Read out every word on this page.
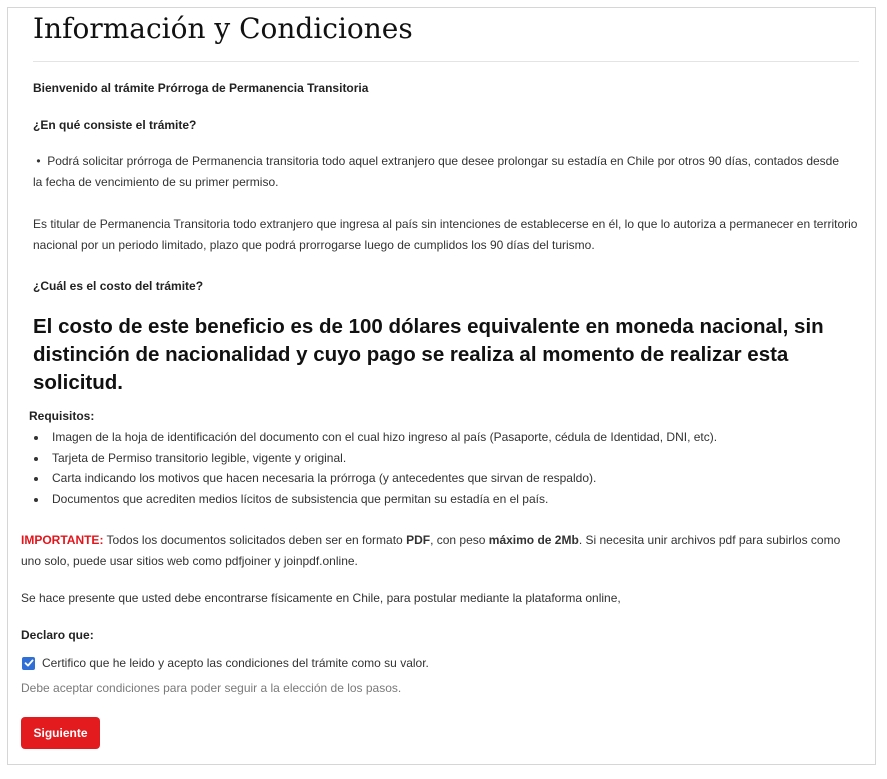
Información y Condiciones
Bienvenido al trámite Prórroga de Permanencia Transitoria
¿En qué consiste el trámite?
•  Podrá solicitar prórroga de Permanencia transitoria todo aquel extranjero que desee prolongar su estadía en Chile por otros 90 días, contados desde la fecha de vencimiento de su primer permiso.
Es titular de Permanencia Transitoria todo extranjero que ingresa al país sin intenciones de establecerse en él, lo que lo autoriza a permanecer en territorio nacional por un periodo limitado, plazo que podrá prorrogarse luego de cumplidos los 90 días del turismo.
¿Cuál es el costo del trámite?
El costo de este beneficio es de 100 dólares equivalente en moneda nacional, sin distinción de nacionalidad y cuyo pago se realiza al momento de realizar esta solicitud.
Requisitos:
• Imagen de la hoja de identificación del documento con el cual hizo ingreso al país (Pasaporte, cédula de Identidad, DNI, etc).
• Tarjeta de Permiso transitorio legible, vigente y original.
• Carta indicando los motivos que hacen necesaria la prórroga (y antecedentes que sirvan de respaldo).
• Documentos que acrediten medios lícitos de subsistencia que permitan su estadía en el país.
IMPORTANTE: Todos los documentos solicitados deben ser en formato PDF, con peso máximo de 2Mb. Si necesita unir archivos pdf para subirlos como uno solo, puede usar sitios web como pdfjoiner y joinpdf.online.
Se hace presente que usted debe encontrarse físicamente en Chile, para postular mediante la plataforma online,
Declaro que:
Certifico que he leido y acepto las condiciones del trámite como su valor.
Debe aceptar condiciones para poder seguir a la elección de los pasos.
Siguiente
